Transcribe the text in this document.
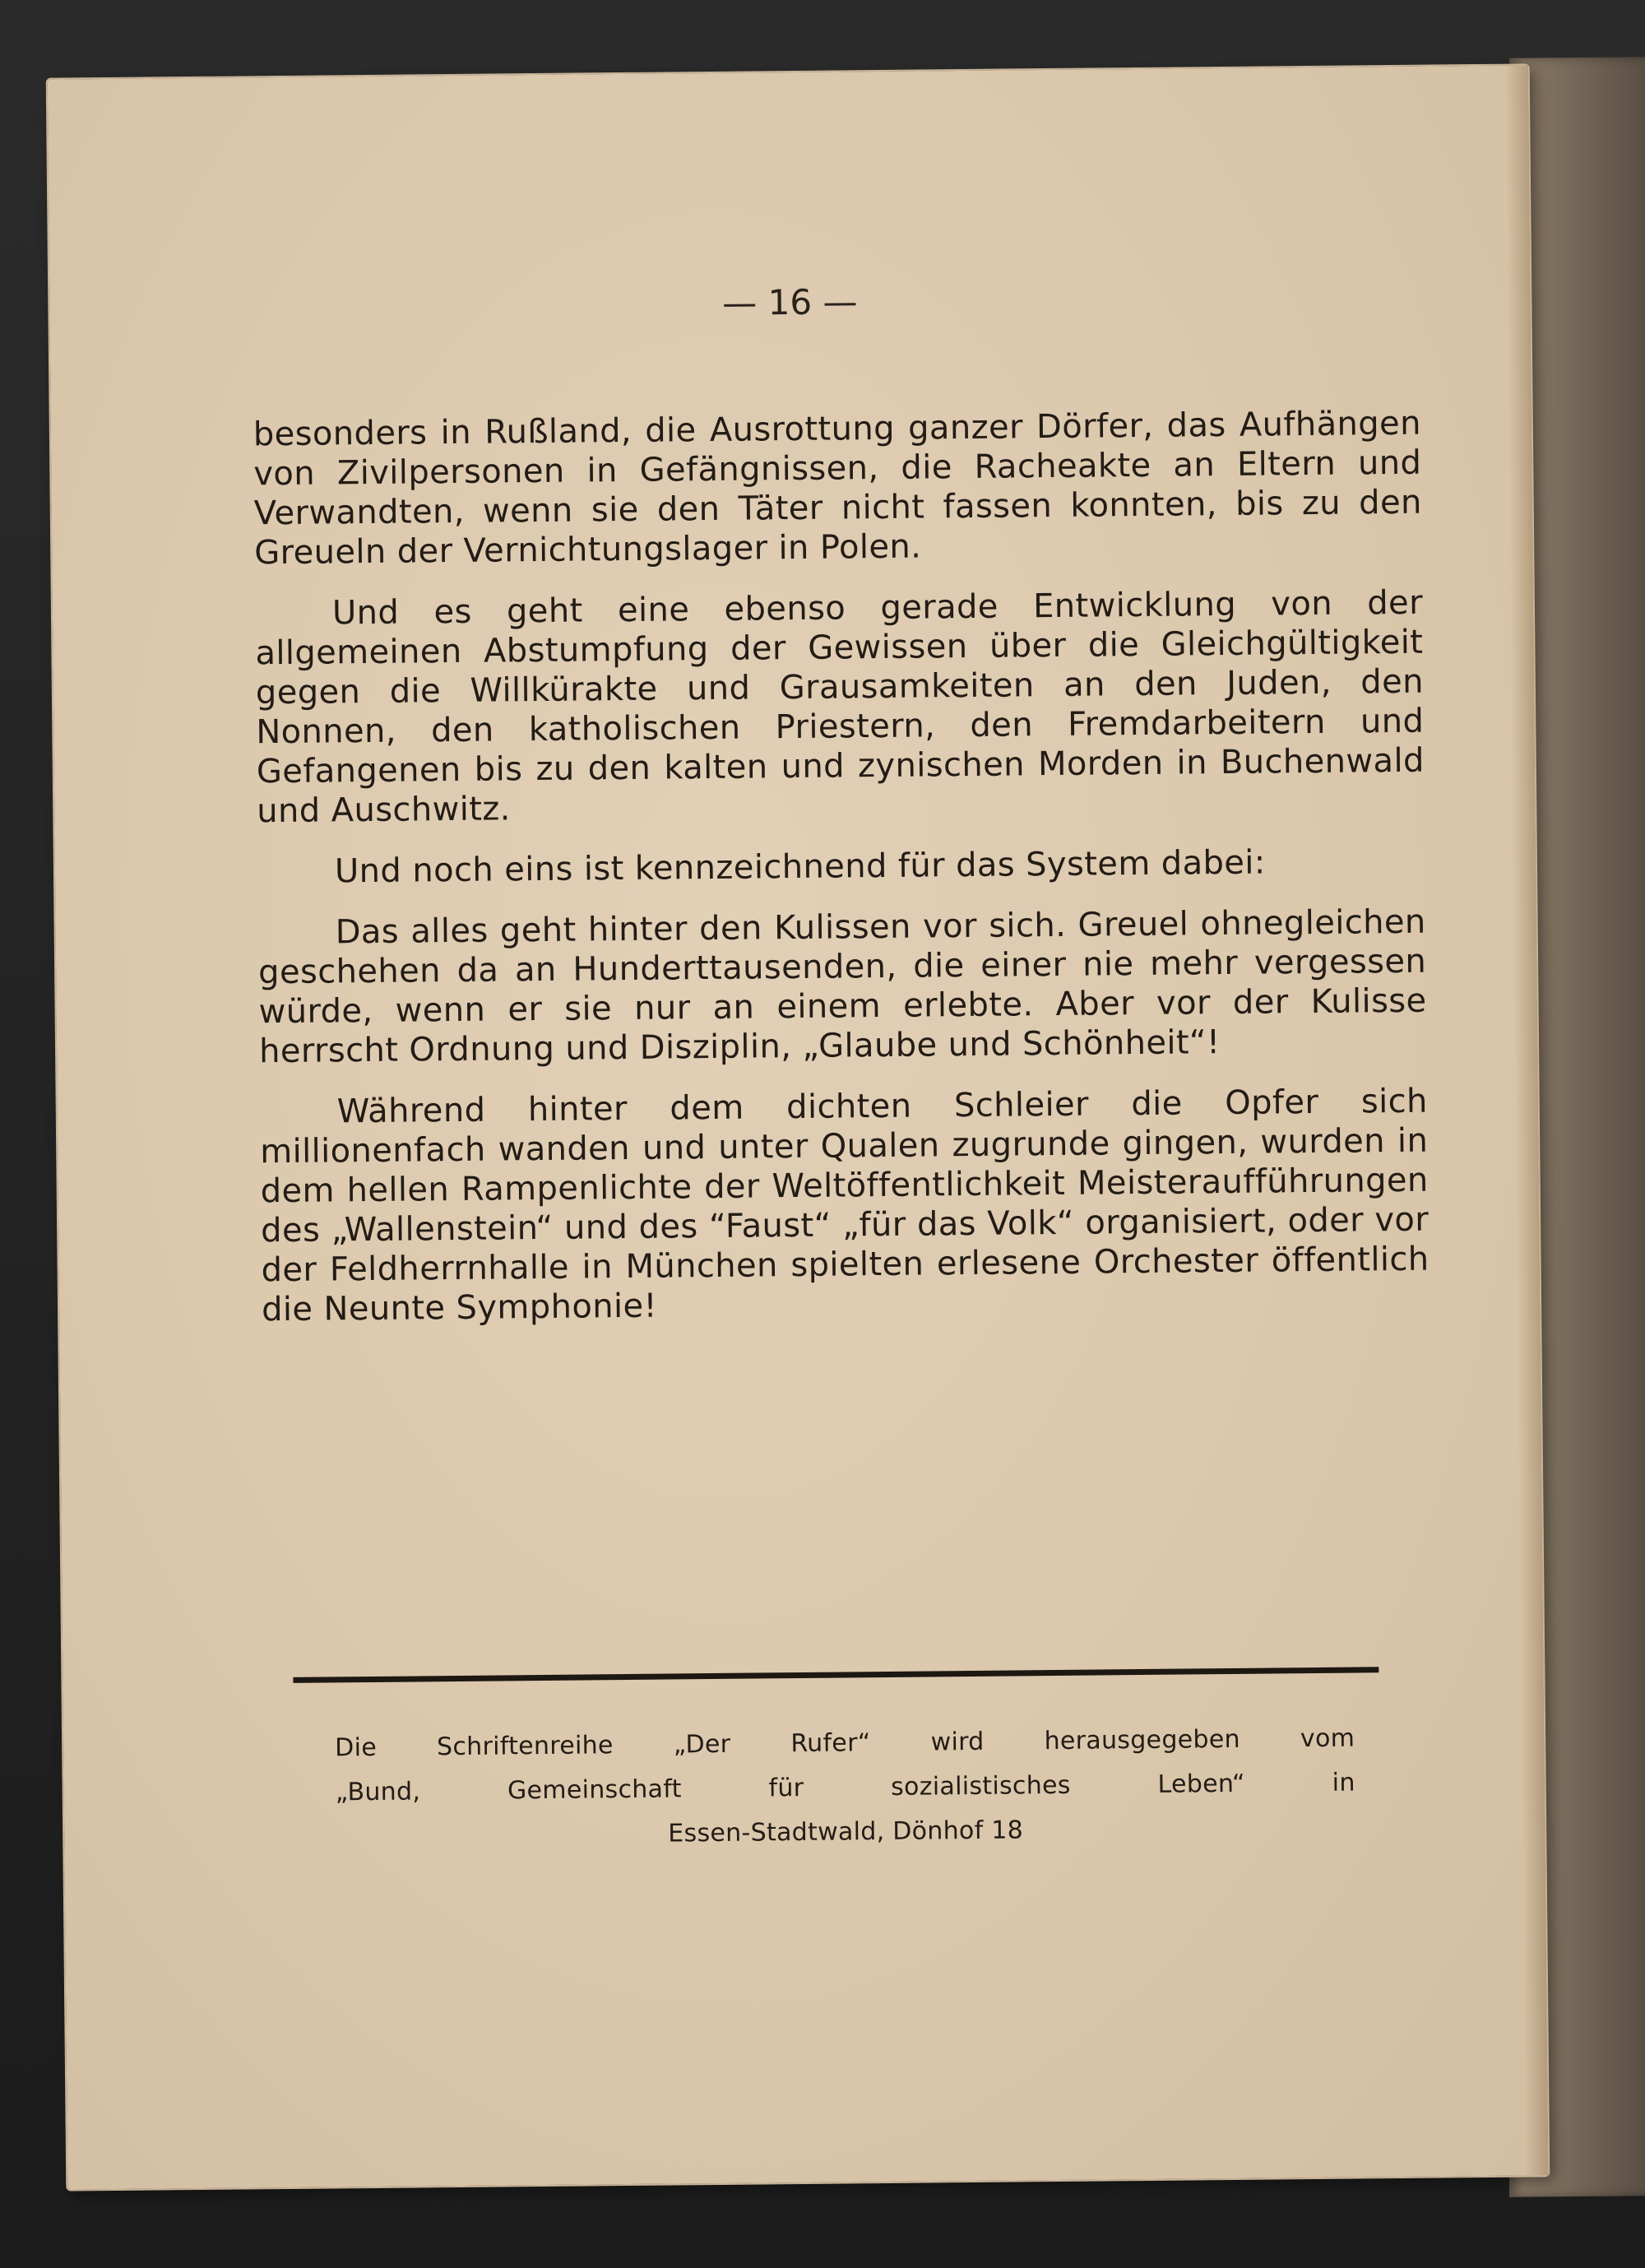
— 16 —

besonders in Rußland, die Ausrottung ganzer Dörfer, das Aufhängen von Zivilpersonen in Gefängnissen, die Racheakte an Eltern und Verwandten, wenn sie den Täter nicht fassen konnten, bis zu den Greueln der Vernichtungslager in Polen.

Und es geht eine ebenso gerade Entwicklung von der allgemeinen Abstumpfung der Gewissen über die Gleichgültigkeit gegen die Willkürakte und Grausamkeiten an den Juden, den Nonnen, den katholischen Priestern, den Fremdarbeitern und Gefangenen bis zu den kalten und zynischen Morden in Buchenwald und Auschwitz.

Und noch eins ist kennzeichnend für das System dabei:

Das alles geht hinter den Kulissen vor sich. Greuel ohnegleichen geschehen da an Hunderttausenden, die einer nie mehr vergessen würde, wenn er sie nur an einem erlebte. Aber vor der Kulisse herrscht Ordnung und Disziplin, „Glaube und Schönheit“!

Während hinter dem dichten Schleier die Opfer sich millionenfach wanden und unter Qualen zugrunde gingen, wurden in dem hellen Rampenlichte der Weltöffentlichkeit Meisteraufführungen des „Wallenstein“ und des “Faust“ „für das Volk“ organisiert, oder vor der Feldherrnhalle in München spielten erlesene Orchester öffentlich die Neunte Symphonie!

Die Schriftenreihe „Der Rufer“ wird herausgegeben vom
„Bund, Gemeinschaft für sozialistisches Leben“ in
Essen-Stadtwald, Dönhof 18
